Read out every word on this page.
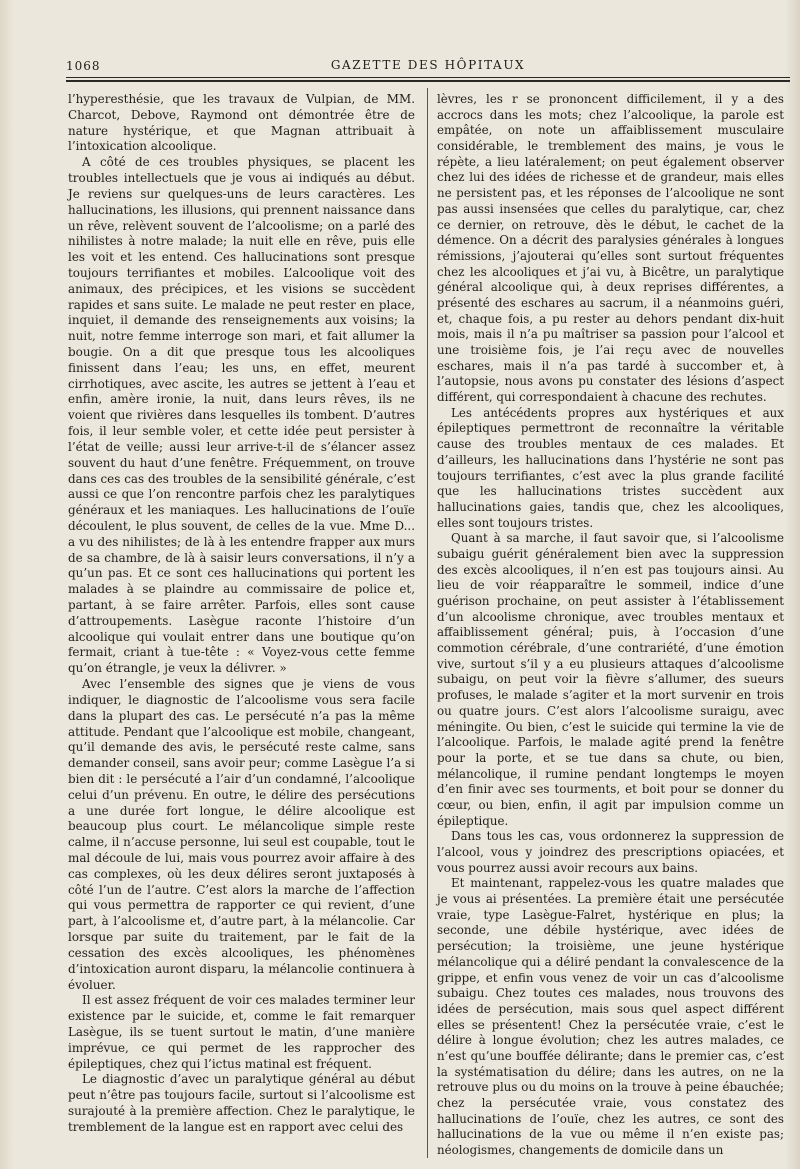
1068	GAZETTE DES HÔPITAUX

l’hyperesthésie, que les travaux de Vulpian, de MM. Charcot, Debove, Raymond ont démontrée être de nature hystérique, et que Magnan attribuait à l’intoxication alcoolique.

A côté de ces troubles physiques, se placent les troubles intellectuels que je vous ai indiqués au début. Je reviens sur quelques-uns de leurs caractères. Les hallucinations, les illusions, qui prennent naissance dans un rêve, relèvent souvent de l’alcoolisme; on a parlé des nihilistes à notre malade; la nuit elle en rêve, puis elle les voit et les entend. Ces hallucinations sont presque toujours terrifiantes et mobiles. L’alcoolique voit des animaux, des précipices, et les visions se succèdent rapides et sans suite. Le malade ne peut rester en place, inquiet, il demande des renseignements aux voisins; la nuit, notre femme interroge son mari, et fait allumer la bougie. On a dit que presque tous les alcooliques finissent dans l’eau; les uns, en effet, meurent cirrhotiques, avec ascite, les autres se jettent à l’eau et enfin, amère ironie, la nuit, dans leurs rêves, ils ne voient que rivières dans lesquelles ils tombent. D’autres fois, il leur semble voler, et cette idée peut persister à l’état de veille; aussi leur arrive-t-il de s’élancer assez souvent du haut d’une fenêtre. Fréquemment, on trouve dans ces cas des troubles de la sensibilité générale, c’est aussi ce que l’on rencontre parfois chez les paralytiques généraux et les maniaques. Les hallucinations de l’ouïe découlent, le plus souvent, de celles de la vue. Mme D... a vu des nihilistes; de là à les entendre frapper aux murs de sa chambre, de là à saisir leurs conversations, il n’y a qu’un pas. Et ce sont ces hallucinations qui portent les malades à se plaindre au commissaire de police et, partant, à se faire arrêter. Parfois, elles sont cause d’attroupements. Lasègue raconte l’histoire d’un alcoolique qui voulait entrer dans une boutique qu’on fermait, criant à tue-tête : « Voyez-vous cette femme qu’on étrangle, je veux la délivrer. »

Avec l’ensemble des signes que je viens de vous indiquer, le diagnostic de l’alcoolisme vous sera facile dans la plupart des cas. Le persécuté n’a pas la même attitude. Pendant que l’alcoolique est mobile, changeant, qu’il demande des avis, le persécuté reste calme, sans demander conseil, sans avoir peur; comme Lasègue l’a si bien dit : le persécuté a l’air d’un condamné, l’alcoolique celui d’un prévenu. En outre, le délire des persécutions a une durée fort longue, le délire alcoolique est beaucoup plus court. Le mélancolique simple reste calme, il n’accuse personne, lui seul est coupable, tout le mal découle de lui, mais vous pourrez avoir affaire à des cas complexes, où les deux délires seront juxtaposés à côté l’un de l’autre. C’est alors la marche de l’affection qui vous permettra de rapporter ce qui revient, d’une part, à l’alcoolisme et, d’autre part, à la mélancolie. Car lorsque par suite du traitement, par le fait de la cessation des excès alcooliques, les phénomènes d’intoxication auront disparu, la mélancolie continuera à évoluer.

Il est assez fréquent de voir ces malades terminer leur existence par le suicide, et, comme le fait remarquer Lasègue, ils se tuent surtout le matin, d’une manière imprévue, ce qui permet de les rapprocher des épileptiques, chez qui l’ictus matinal est fréquent.

Le diagnostic d’avec un paralytique général au début peut n’être pas toujours facile, surtout si l’alcoolisme est surajouté à la première affection. Chez le paralytique, le tremblement de la langue est en rapport avec celui des

lèvres, les r se prononcent difficilement, il y a des accrocs dans les mots; chez l’alcoolique, la parole est empâtée, on note un affaiblissement musculaire considérable, le tremblement des mains, je vous le répète, a lieu latéralement; on peut également observer chez lui des idées de richesse et de grandeur, mais elles ne persistent pas, et les réponses de l’alcoolique ne sont pas aussi insensées que celles du paralytique, car, chez ce dernier, on retrouve, dès le début, le cachet de la démence. On a décrit des paralysies générales à longues rémissions, j’ajouterai qu’elles sont surtout fréquentes chez les alcooliques et j’ai vu, à Bicêtre, un paralytique général alcoolique qui, à deux reprises différentes, a présenté des eschares au sacrum, il a néanmoins guéri, et, chaque fois, a pu rester au dehors pendant dix-huit mois, mais il n’a pu maîtriser sa passion pour l’alcool et une troisième fois, je l’ai reçu avec de nouvelles eschares, mais il n’a pas tardé à succomber et, à l’autopsie, nous avons pu constater des lésions d’aspect différent, qui correspondaient à chacune des rechutes.

Les antécédents propres aux hystériques et aux épileptiques permettront de reconnaître la véritable cause des troubles mentaux de ces malades. Et d’ailleurs, les hallucinations dans l’hystérie ne sont pas toujours terrifiantes, c’est avec la plus grande facilité que les hallucinations tristes succèdent aux hallucinations gaies, tandis que, chez les alcooliques, elles sont toujours tristes.

Quant à sa marche, il faut savoir que, si l’alcoolisme subaigu guérit généralement bien avec la suppression des excès alcooliques, il n’en est pas toujours ainsi. Au lieu de voir réapparaître le sommeil, indice d’une guérison prochaine, on peut assister à l’établissement d’un alcoolisme chronique, avec troubles mentaux et affaiblissement général; puis, à l’occasion d’une commotion cérébrale, d’une contrariété, d’une émotion vive, surtout s’il y a eu plusieurs attaques d’alcoolisme subaigu, on peut voir la fièvre s’allumer, des sueurs profuses, le malade s’agiter et la mort survenir en trois ou quatre jours. C’est alors l’alcoolisme suraigu, avec méningite. Ou bien, c’est le suicide qui termine la vie de l’alcoolique. Parfois, le malade agité prend la fenêtre pour la porte, et se tue dans sa chute, ou bien, mélancolique, il rumine pendant longtemps le moyen d’en finir avec ses tourments, et boit pour se donner du cœur, ou bien, enfin, il agit par impulsion comme un épileptique.

Dans tous les cas, vous ordonnerez la suppression de l’alcool, vous y joindrez des prescriptions opiacées, et vous pourrez aussi avoir recours aux bains.

Et maintenant, rappelez-vous les quatre malades que je vous ai présentées. La première était une persécutée vraie, type Lasègue-Falret, hystérique en plus; la seconde, une débile hystérique, avec idées de persécution; la troisième, une jeune hystérique mélancolique qui a déliré pendant la convalescence de la grippe, et enfin vous venez de voir un cas d’alcoolisme subaigu. Chez toutes ces malades, nous trouvons des idées de persécution, mais sous quel aspect différent elles se présentent! Chez la persécutée vraie, c’est le délire à longue évolution; chez les autres malades, ce n’est qu’une bouffée délirante; dans le premier cas, c’est la systématisation du délire; dans les autres, on ne la retrouve plus ou du moins on la trouve à peine ébauchée; chez la persécutée vraie, vous constatez des hallucinations de l’ouïe, chez les autres, ce sont des hallucinations de la vue ou même il n’en existe pas; néologismes, changements de domicile dans un
